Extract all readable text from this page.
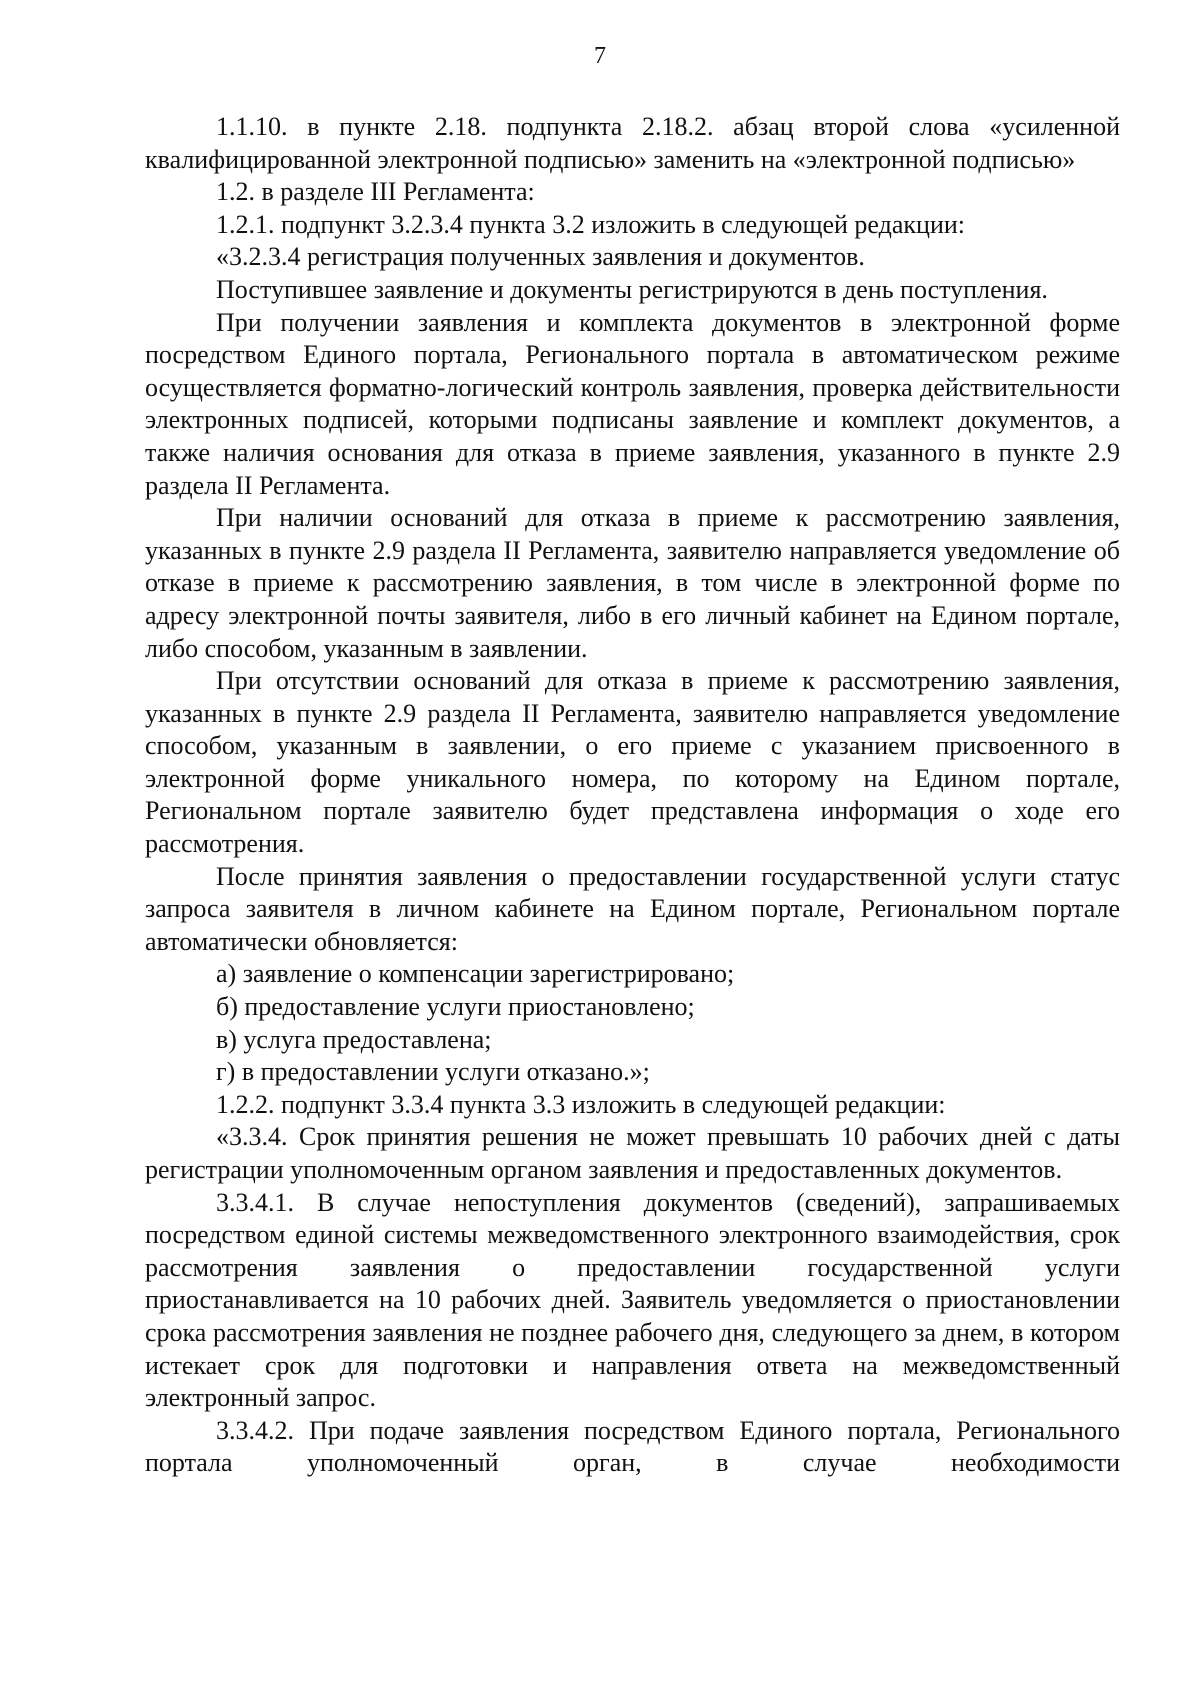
7

1.1.10. в пункте 2.18. подпункта 2.18.2. абзац второй слова «усиленной квалифицированной электронной подписью» заменить на «электронной подписью»

1.2. в разделе III Регламента:

1.2.1. подпункт 3.2.3.4 пункта 3.2 изложить в следующей редакции:

«3.2.3.4 регистрация полученных заявления и документов.

Поступившее заявление и документы регистрируются в день поступления.

При получении заявления и комплекта документов в электронной форме посредством Единого портала, Регионального портала в автоматическом режиме осуществляется форматно-логический контроль заявления, проверка действительности электронных подписей, которыми подписаны заявление и комплект документов, а также наличия основания для отказа в приеме заявления, указанного в пункте 2.9 раздела II Регламента.

При наличии оснований для отказа в приеме к рассмотрению заявления, указанных в пункте 2.9 раздела II Регламента, заявителю направляется уведомление об отказе в приеме к рассмотрению заявления, в том числе в электронной форме по адресу электронной почты заявителя, либо в его личный кабинет на Едином портале, либо способом, указанным в заявлении.

При отсутствии оснований для отказа в приеме к рассмотрению заявления, указанных в пункте 2.9 раздела II Регламента, заявителю направляется уведомление способом, указанным в заявлении, о его приеме с указанием присвоенного в электронной форме уникального номера, по которому на Едином портале, Региональном портале заявителю будет представлена информация о ходе его рассмотрения.

После принятия заявления о предоставлении государственной услуги статус запроса заявителя в личном кабинете на Едином портале, Региональном портале автоматически обновляется:

а) заявление о компенсации зарегистрировано;

б) предоставление услуги приостановлено;

в) услуга предоставлена;

г) в предоставлении услуги отказано.»;

1.2.2. подпункт 3.3.4 пункта 3.3 изложить в следующей редакции:

«3.3.4. Срок принятия решения не может превышать 10 рабочих дней с даты регистрации уполномоченным органом заявления и предоставленных документов.

3.3.4.1. В случае непоступления документов (сведений), запрашиваемых посредством единой системы межведомственного электронного взаимодействия, срок рассмотрения заявления о предоставлении государственной услуги приостанавливается на 10 рабочих дней. Заявитель уведомляется о приостановлении срока рассмотрения заявления не позднее рабочего дня, следующего за днем, в котором истекает срок для подготовки и направления ответа на межведомственный электронный запрос.

3.3.4.2. При подаче заявления посредством Единого портала, Регионального портала уполномоченный орган, в случае необходимости
